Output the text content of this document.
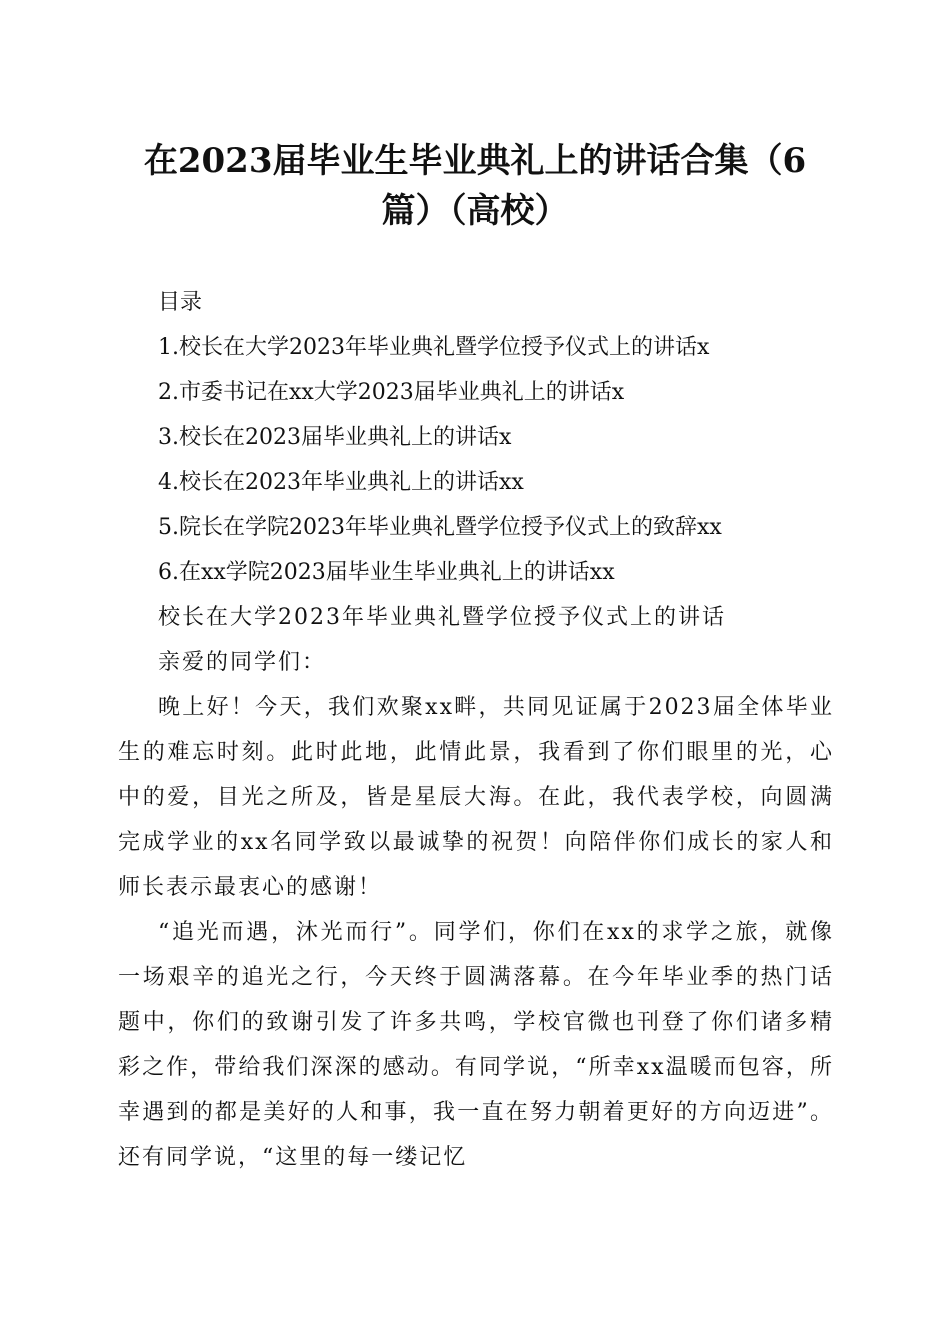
在2023届毕业生毕业典礼上的讲话合集（6
篇）（高校）
目录
1.校长在大学2023年毕业典礼暨学位授予仪式上的讲话x
2.市委书记在xx大学2023届毕业典礼上的讲话x
3.校长在2023届毕业典礼上的讲话x
4.校长在2023年毕业典礼上的讲话xx
5.院长在学院2023年毕业典礼暨学位授予仪式上的致辞xx
6.在xx学院2023届毕业生毕业典礼上的讲话xx
校长在大学2023年毕业典礼暨学位授予仪式上的讲话
亲爱的同学们：
晚上好！今天，我们欢聚xx畔，共同见证属于2023届全体毕业生的难忘时刻。此时此地，此情此景，我看到了你们眼里的光，心中的爱，目光之所及，皆是星辰大海。在此，我代表学校，向圆满完成学业的xx名同学致以最诚挚的祝贺！向陪伴你们成长的家人和师长表示最衷心的感谢！
“追光而遇，沐光而行”。同学们，你们在xx的求学之旅，就像一场艰辛的追光之行，今天终于圆满落幕。在今年毕业季的热门话题中，你们的致谢引发了许多共鸣，学校官微也刊登了你们诸多精彩之作，带给我们深深的感动。有同学说，“所幸xx温暖而包容，所幸遇到的都是美好的人和事，我一直在努力朝着更好的方向迈进”。还有同学说，“这里的每一缕记忆
